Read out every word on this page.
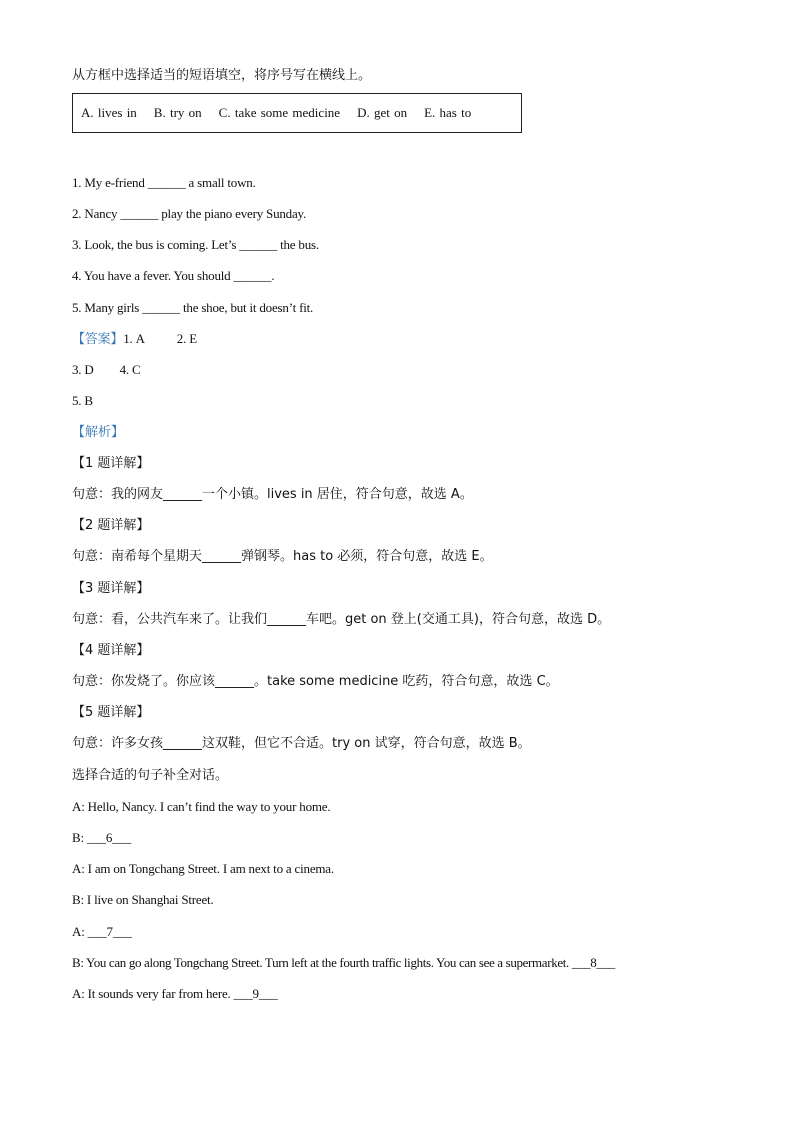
从方框中选择适当的短语填空，将序号写在横线上。
A. lives in    B. try on    C. take some medicine    D. get on    E. has to
1. My e-friend ______ a small town.
2. Nancy ______ play the piano every Sunday.
3. Look, the bus is coming. Let’s ______ the bus.
4. You have a fever. You should ______.
5. Many girls ______ the shoe, but it doesn’t fit.
【答案】1. A 2. E
3. D 4. C
5. B
【解析】
【1 题详解】
句意：我的网友______一个小镇。lives in 居住，符合句意，故选 A。
【2 题详解】
句意：南希每个星期天______弹钢琴。has to 必须，符合句意，故选 E。
【3 题详解】
句意：看，公共汽车来了。让我们______车吧。get on 登上(交通工具)，符合句意，故选 D。
【4 题详解】
句意：你发烧了。你应该______。take some medicine 吃药，符合句意，故选 C。
【5 题详解】
句意：许多女孩______这双鞋，但它不合适。try on 试穿，符合句意，故选 B。
选择合适的句子补全对话。
A: Hello, Nancy. I can’t find the way to your home.
B: ___6___
A: I am on Tongchang Street. I am next to a cinema.
B: I live on Shanghai Street.
A: ___7___
B: You can go along Tongchang Street. Turn left at the fourth traffic lights. You can see a supermarket. ___8___
A: It sounds very far from here. ___9___
